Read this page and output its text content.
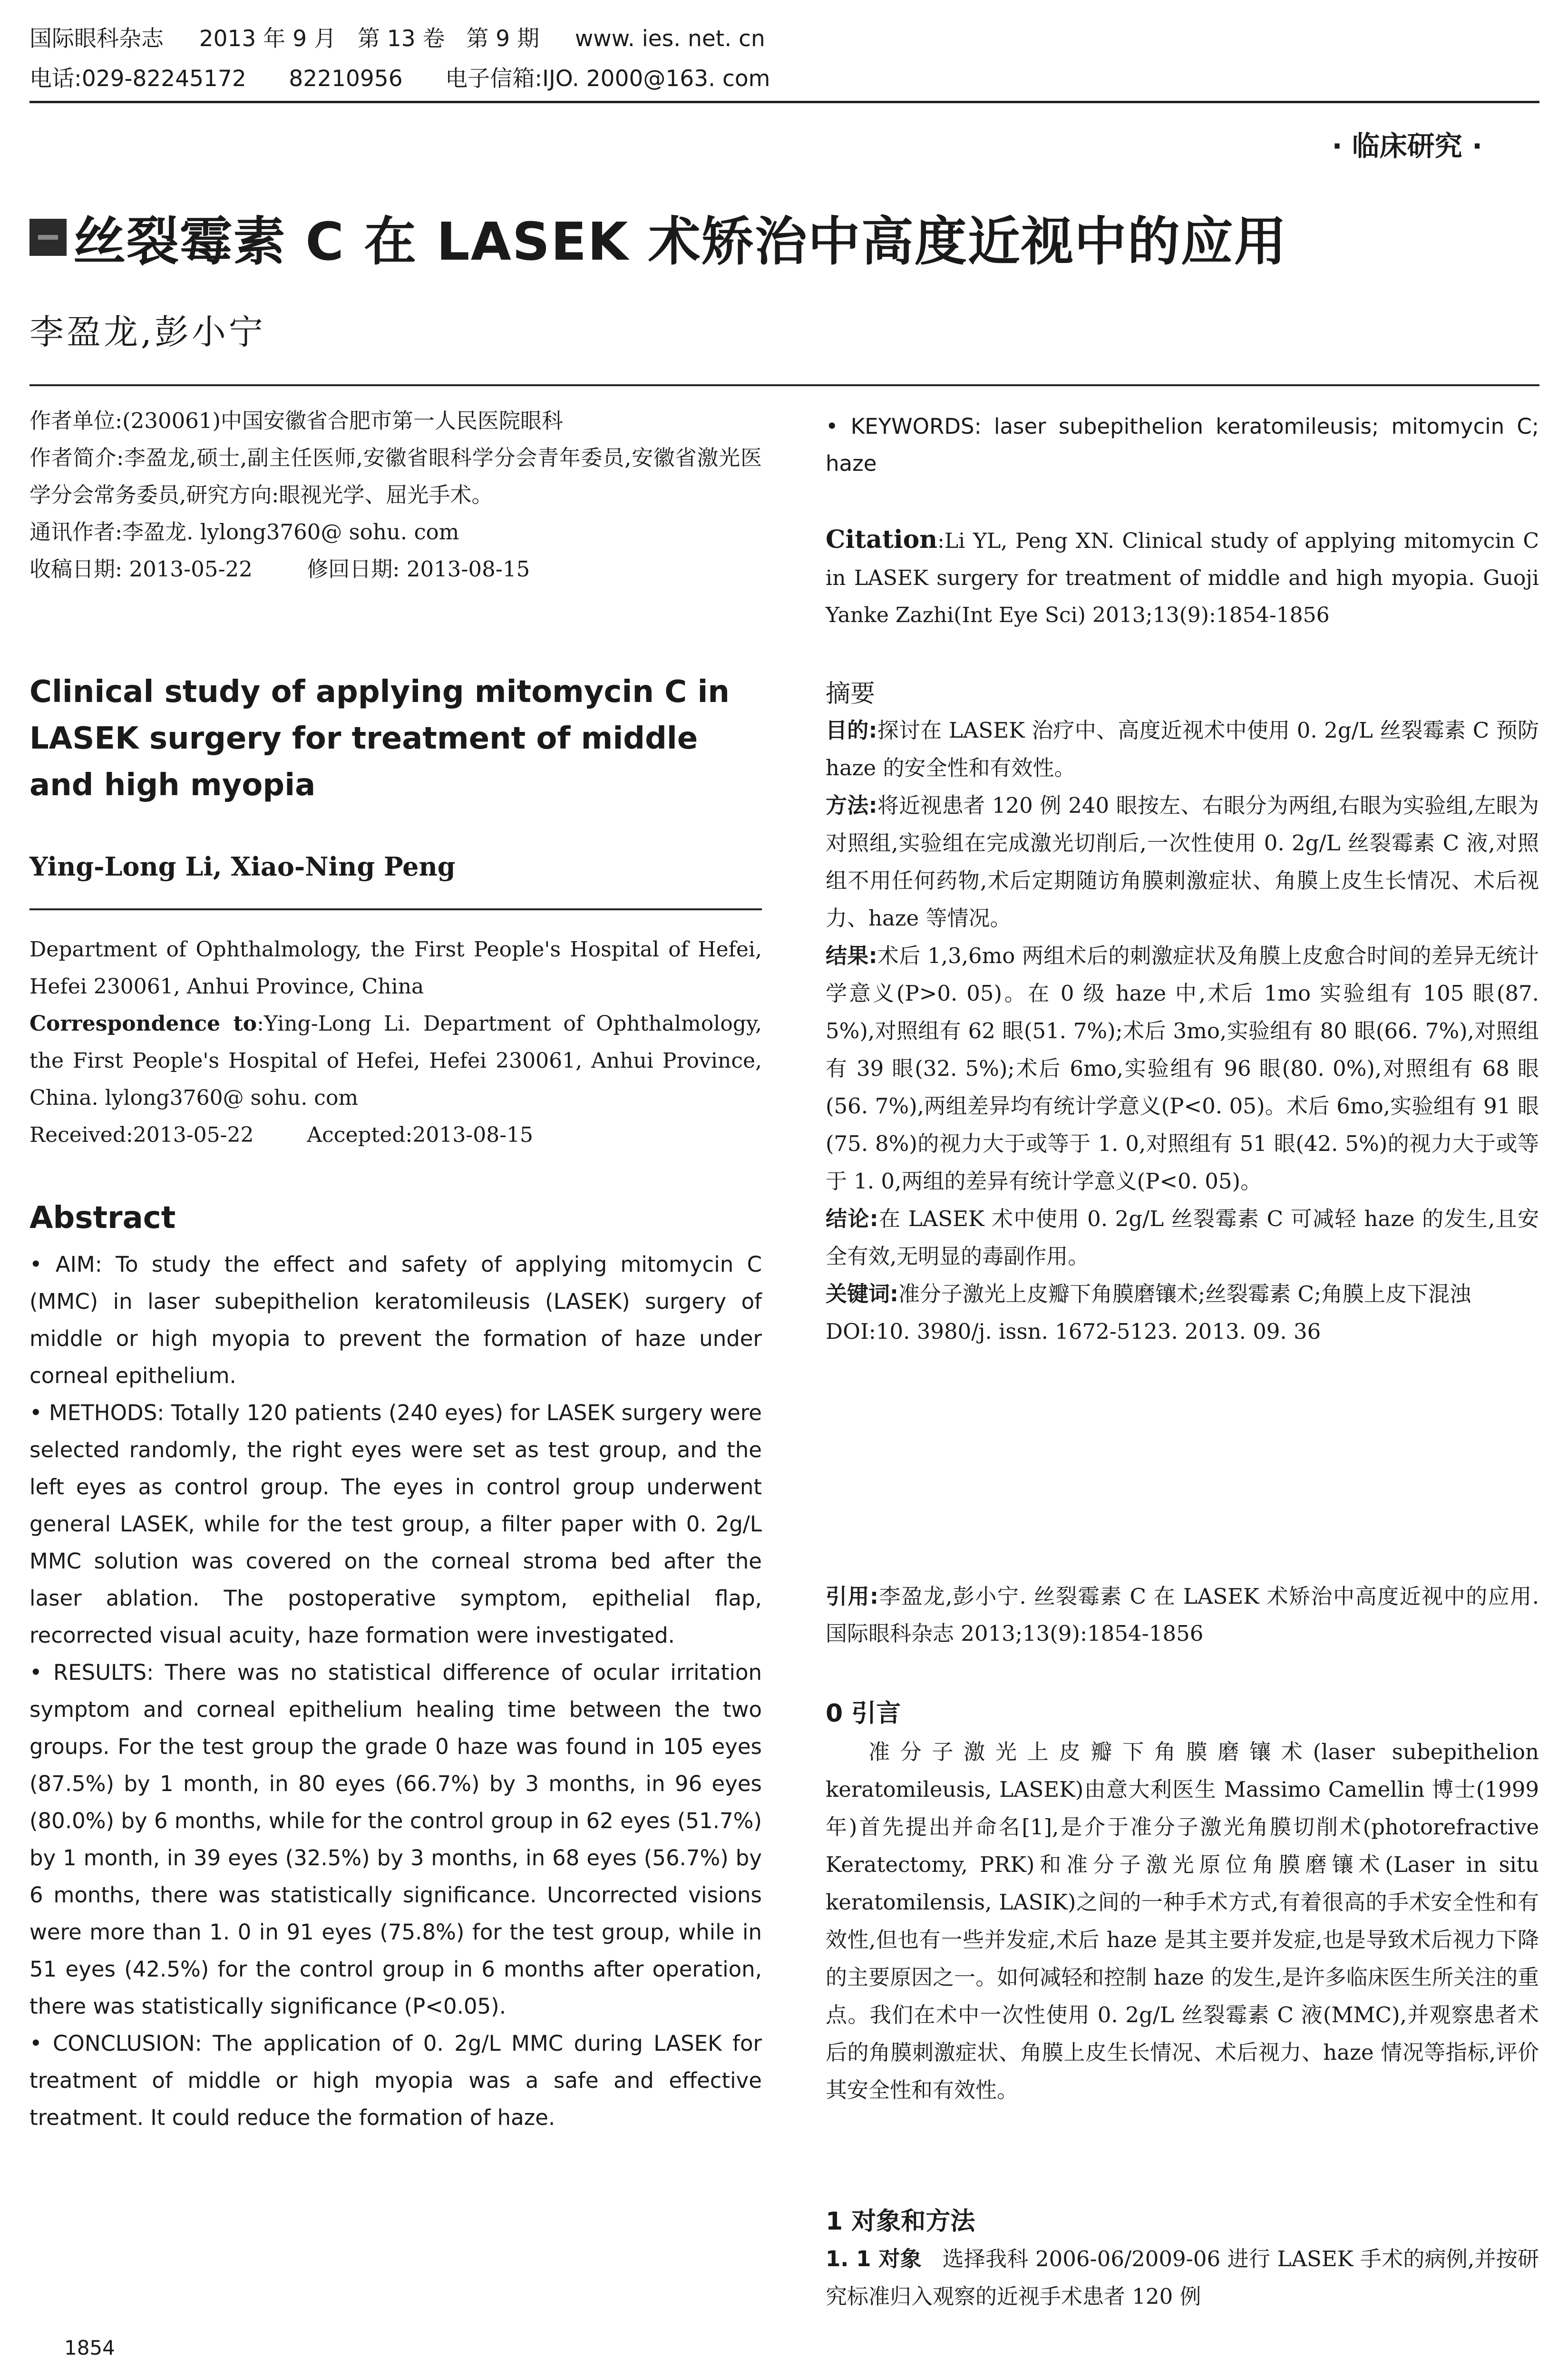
国际眼科杂志 2013 年 9 月   第 13 卷   第 9 期 www. ies. net. cn
电话:029-82245172 82210956 电子信箱:IJO. 2000@163. com
· 临床研究 ·
丝裂霉素 C 在 LASEK 术矫治中高度近视中的应用
李盈龙,彭小宁

作者单位:(230061)中国安徽省合肥市第一人民医院眼科

作者简介:李盈龙,硕士,副主任医师,安徽省眼科学分会青年委员,安徽省激光医学分会常务委员,研究方向:眼视光学、屈光手术。

通讯作者:李盈龙. lylong3760@ sohu. com

收稿日期: 2013-05-22        修回日期: 2013-08-15

Clinical study of applying mitomycin C in LASEK surgery for treatment of middle and high myopia
Ying-Long Li, Xiao-Ning Peng

Department of Ophthalmology, the First People's Hospital of Hefei, Hefei 230061, Anhui Province, China

Correspondence to:Ying-Long Li. Department of Ophthalmology, the First People's Hospital of Hefei, Hefei 230061, Anhui Province, China. lylong3760@ sohu. com

Received:2013-05-22        Accepted:2013-08-15

Abstract

• AIM: To study the effect and safety of applying mitomycin C (MMC) in laser subepithelion keratomileusis (LASEK) surgery of middle or high myopia to prevent the formation of haze under corneal epithelium.

• METHODS: Totally 120 patients (240 eyes) for LASEK surgery were selected randomly, the right eyes were set as test group, and the left eyes as control group. The eyes in control group underwent general LASEK, while for the test group, a filter paper with 0. 2g/L MMC solution was covered on the corneal stroma bed after the laser ablation. The postoperative symptom, epithelial flap, recorrected visual acuity, haze formation were investigated.

• RESULTS: There was no statistical difference of ocular irritation symptom and corneal epithelium healing time between the two groups. For the test group the grade 0 haze was found in 105 eyes (87.5%) by 1 month, in 80 eyes (66.7%) by 3 months, in 96 eyes (80.0%) by 6 months, while for the control group in 62 eyes (51.7%) by 1 month, in 39 eyes (32.5%) by 3 months, in 68 eyes (56.7%) by 6 months, there was statistically significance. Uncorrected visions were more than 1. 0 in 91 eyes (75.8%) for the test group, while in 51 eyes (42.5%) for the control group in 6 months after operation, there was statistically significance (P<0.05).

• CONCLUSION: The application of 0. 2g/L MMC during LASEK for treatment of middle or high myopia was a safe and effective treatment. It could reduce the formation of haze.

1854
• KEYWORDS: laser subepithelion keratomileusis; mitomycin C; haze

Citation:Li YL, Peng XN. Clinical study of applying mitomycin C in LASEK surgery for treatment of middle and high myopia. Guoji Yanke Zazhi(Int Eye Sci) 2013;13(9):1854-1856

摘要

目的:探讨在 LASEK 治疗中、高度近视术中使用 0. 2g/L 丝裂霉素 C 预防 haze 的安全性和有效性。

方法:将近视患者 120 例 240 眼按左、右眼分为两组,右眼为实验组,左眼为对照组,实验组在完成激光切削后,一次性使用 0. 2g/L 丝裂霉素 C 液,对照组不用任何药物,术后定期随访角膜刺激症状、角膜上皮生长情况、术后视力、haze 等情况。

结果:术后 1,3,6mo 两组术后的刺激症状及角膜上皮愈合时间的差异无统计学意义(P>0. 05)。在 0 级 haze 中,术后 1mo 实验组有 105 眼(87. 5%),对照组有 62 眼(51. 7%);术后 3mo,实验组有 80 眼(66. 7%),对照组有 39 眼(32. 5%);术后 6mo,实验组有 96 眼(80. 0%),对照组有 68 眼(56. 7%),两组差异均有统计学意义(P<0. 05)。术后 6mo,实验组有 91 眼(75. 8%)的视力大于或等于 1. 0,对照组有 51 眼(42. 5%)的视力大于或等于 1. 0,两组的差异有统计学意义(P<0. 05)。

结论:在 LASEK 术中使用 0. 2g/L 丝裂霉素 C 可减轻 haze 的发生,且安全有效,无明显的毒副作用。

关键词:准分子激光上皮瓣下角膜磨镶术;丝裂霉素 C;角膜上皮下混浊

DOI:10. 3980/j. issn. 1672-5123. 2013. 09. 36

引用:李盈龙,彭小宁. 丝裂霉素 C 在 LASEK 术矫治中高度近视中的应用. 国际眼科杂志 2013;13(9):1854-1856

0 引言

准分子激光上皮瓣下角膜磨镶术(laser subepithelion keratomileusis, LASEK)由意大利医生 Massimo Camellin 博士(1999 年)首先提出并命名[1],是介于准分子激光角膜切削术(photorefractive Keratectomy, PRK)和准分子激光原位角膜磨镶术(Laser in situ keratomilensis, LASIK)之间的一种手术方式,有着很高的手术安全性和有效性,但也有一些并发症,术后 haze 是其主要并发症,也是导致术后视力下降的主要原因之一。如何减轻和控制 haze 的发生,是许多临床医生所关注的重点。我们在术中一次性使用 0. 2g/L 丝裂霉素 C 液(MMC),并观察患者术后的角膜刺激症状、角膜上皮生长情况、术后视力、haze 情况等指标,评价其安全性和有效性。

1 对象和方法

1. 1 对象 选择我科 2006-06/2009-06 进行 LASEK 手术的病例,并按研究标准归入观察的近视手术患者 120 例
